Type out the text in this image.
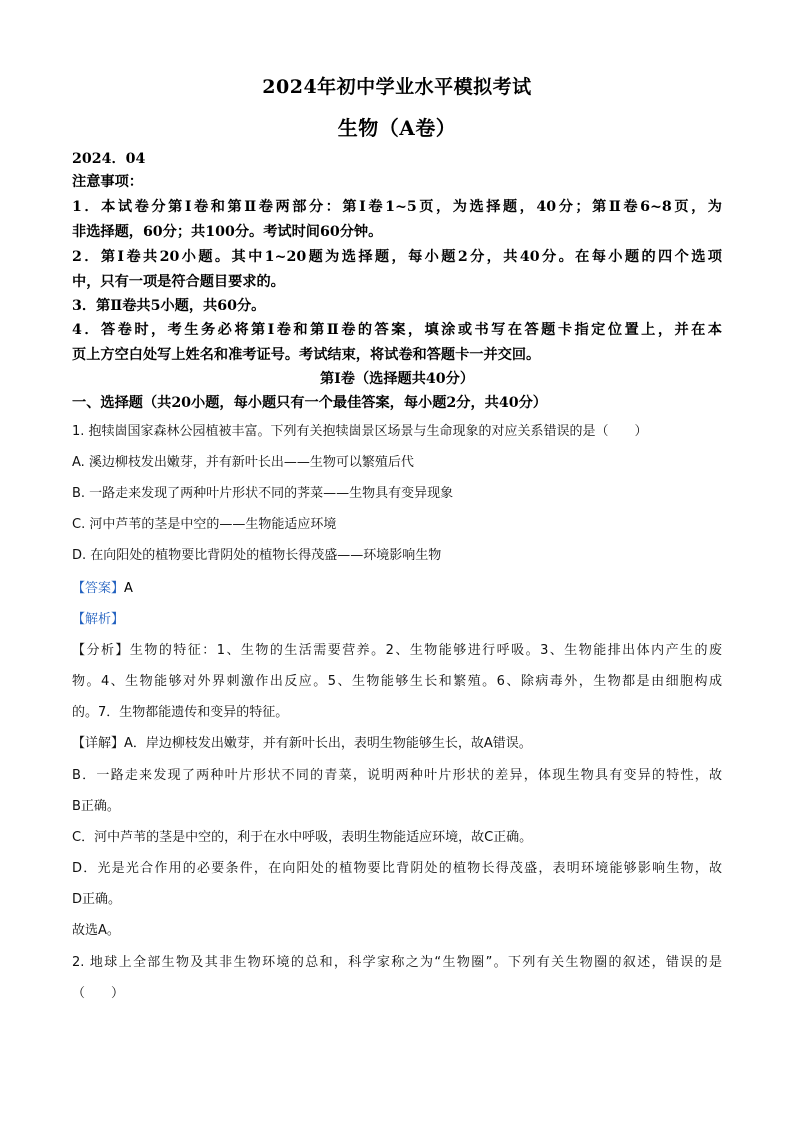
2024年初中学业水平模拟考试
生物（A卷）
2024．04
注意事项：
1．本试卷分第Ⅰ卷和第Ⅱ卷两部分：第Ⅰ卷1~5页，为选择题，40分；第Ⅱ卷6~8页，为
非选择题，60分；共100分。考试时间60分钟。
2．第Ⅰ卷共20小题。其中1~20题为选择题，每小题2分，共40分。在每小题的四个选项
中，只有一项是符合题目要求的。
3．第Ⅱ卷共5小题，共60分。
4．答卷时，考生务必将第Ⅰ卷和第Ⅱ卷的答案，填涂或书写在答题卡指定位置上，并在本
页上方空白处写上姓名和准考证号。考试结束，将试卷和答题卡一并交回。
第Ⅰ卷（选择题共40分）
一、选择题（共20小题，每小题只有一个最佳答案，每小题2分，共40分）
1. 抱犊崮国家森林公园植被丰富。下列有关抱犊崮景区场景与生命现象的对应关系错误的是（　　）
A. 溪边柳枝发出嫩芽，并有新叶长出——生物可以繁殖后代
B. 一路走来发现了两种叶片形状不同的荠菜——生物具有变异现象
C. 河中芦苇的茎是中空的——生物能适应环境
D. 在向阳处的植物要比背阴处的植物长得茂盛——环境影响生物
【答案】A
【解析】
【分析】生物的特征：1、生物的生活需要营养。2、生物能够进行呼吸。3、生物能排出体内产生的废
物。4、生物能够对外界刺激作出反应。5、生物能够生长和繁殖。6、除病毒外，生物都是由细胞构成
的。7．生物都能遗传和变异的特征。
【详解】A．岸边柳枝发出嫩芽，并有新叶长出，表明生物能够生长，故A错误。
B．一路走来发现了两种叶片形状不同的青菜，说明两种叶片形状的差异，体现生物具有变异的特性，故
B正确。
C．河中芦苇的茎是中空的，利于在水中呼吸，表明生物能适应环境，故C正确。
D．光是光合作用的必要条件，在向阳处的植物要比背阴处的植物长得茂盛，表明环境能够影响生物，故
D正确。
故选A。
2. 地球上全部生物及其非生物环境的总和，科学家称之为“生物圈”。下列有关生物圈的叙述，错误的是
（　　）
